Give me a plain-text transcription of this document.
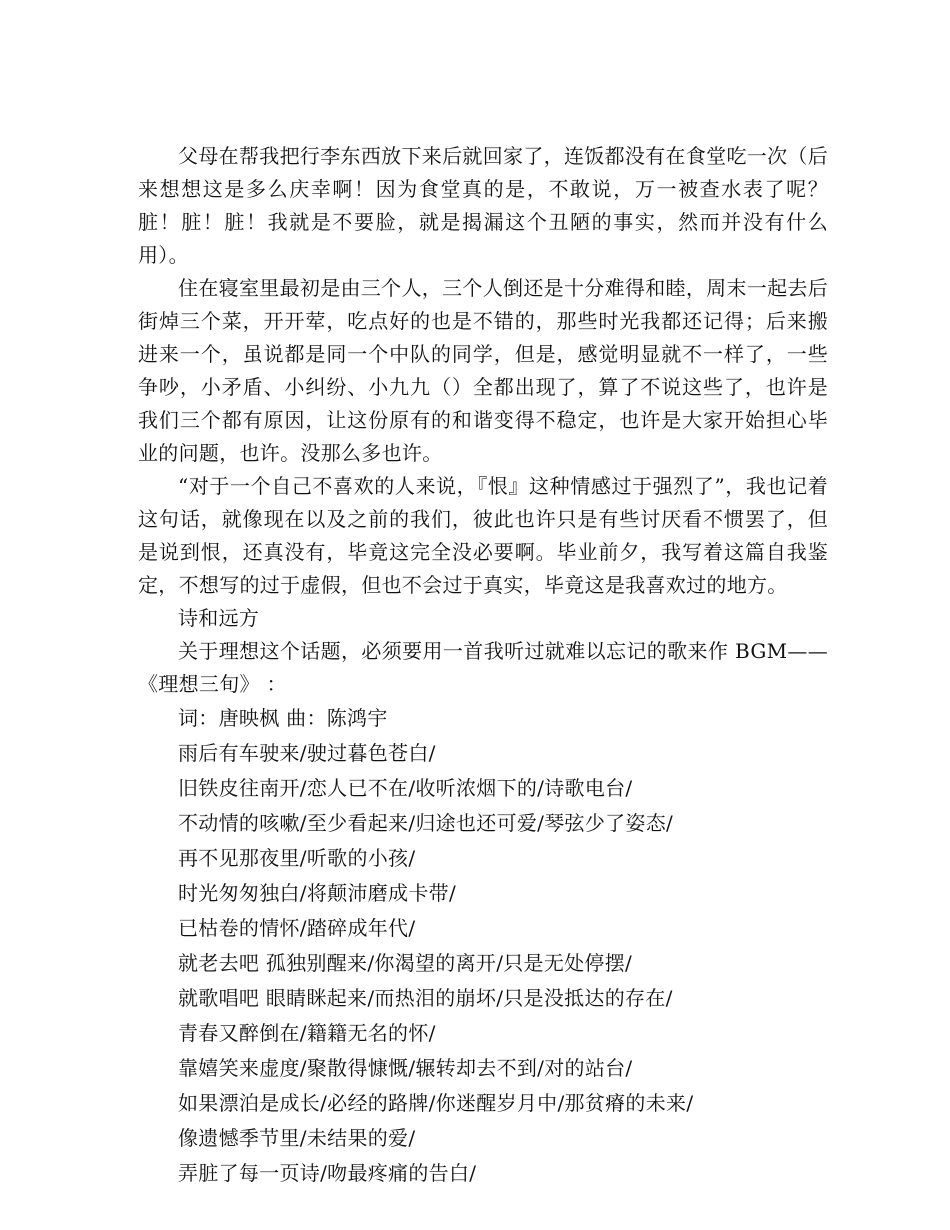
父母在帮我把行李东西放下来后就回家了，连饭都没有在食堂吃一次（后来想想这是多么庆幸啊！因为食堂真的是，不敢说，万一被查水表了呢？脏！脏！脏！我就是不要脸，就是揭漏这个丑陋的事实，然而并没有什么用）。

住在寝室里最初是由三个人，三个人倒还是十分难得和睦，周末一起去后街焯三个菜，开开荤，吃点好的也是不错的，那些时光我都还记得；后来搬进来一个，虽说都是同一个中队的同学，但是，感觉明显就不一样了，一些争吵，小矛盾、小纠纷、小九九（）全都出现了，算了不说这些了，也许是我们三个都有原因，让这份原有的和谐变得不稳定，也许是大家开始担心毕业的问题，也许。没那么多也许。

“对于一个自己不喜欢的人来说，『恨』这种情感过于强烈了”，我也记着这句话，就像现在以及之前的我们，彼此也许只是有些讨厌看不惯罢了，但是说到恨，还真没有，毕竟这完全没必要啊。毕业前夕，我写着这篇自我鉴定，不想写的过于虚假，但也不会过于真实，毕竟这是我喜欢过的地方。

诗和远方

关于理想这个话题，必须要用一首我听过就难以忘记的歌来作 BGM——《理想三旬》 ：

词：唐映枫 曲：陈鸿宇
雨后有车驶来/驶过暮色苍白/
旧铁皮往南开/恋人已不在/收听浓烟下的/诗歌电台/
不动情的咳嗽/至少看起来/归途也还可爱/琴弦少了姿态/
再不见那夜里/听歌的小孩/
时光匆匆独白/将颠沛磨成卡带/
已枯卷的情怀/踏碎成年代/
就老去吧 孤独别醒来/你渴望的离开/只是无处停摆/
就歌唱吧 眼睛眯起来/而热泪的崩坏/只是没抵达的存在/
青春又醉倒在/籍籍无名的怀/
靠嬉笑来虚度/聚散得慷慨/辗转却去不到/对的站台/
如果漂泊是成长/必经的路牌/你迷醒岁月中/那贫瘠的未来/
像遗憾季节里/未结果的爱/
弄脏了每一页诗/吻最疼痛的告白/
